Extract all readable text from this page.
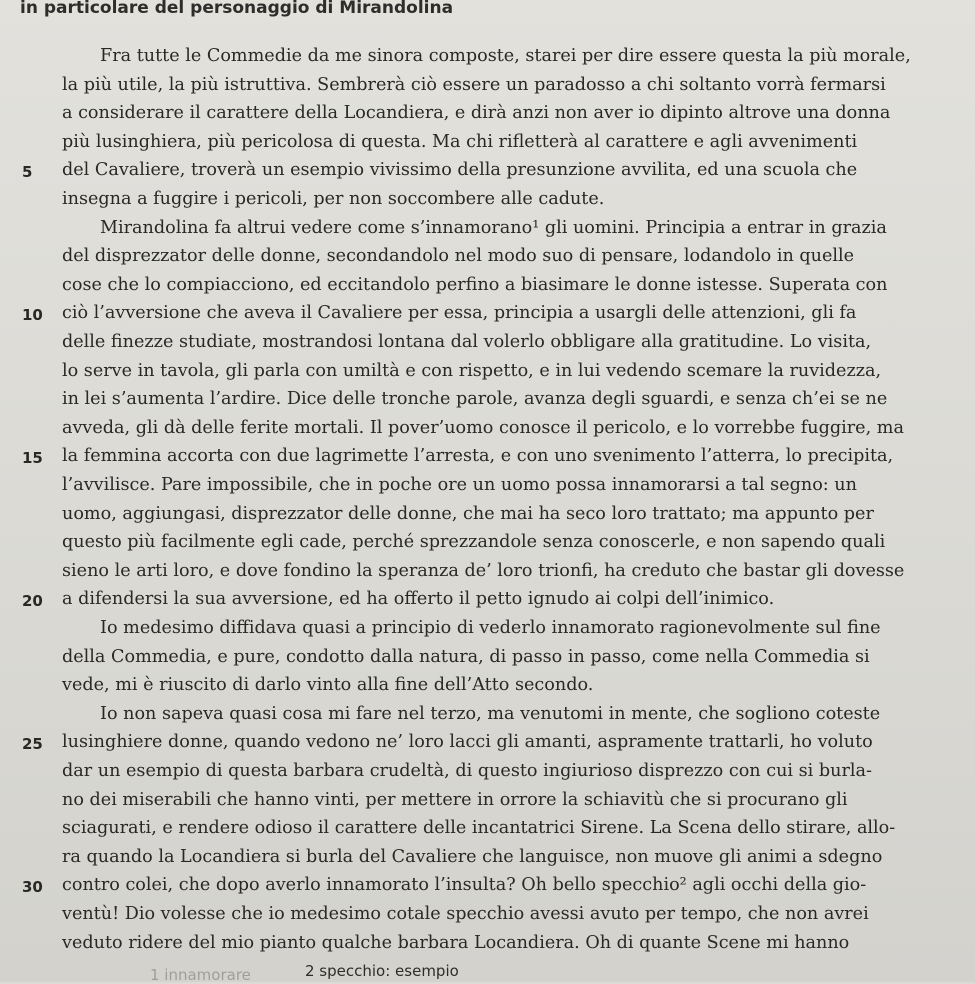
in particolare del personaggio di Mirandolina
Fra tutte le Commedie da me sinora composte, starei per dire essere questa la più morale,
la più utile, la più istruttiva. Sembrerà ciò essere un paradosso a chi soltanto vorrà fermarsi
a considerare il carattere della Locandiera, e dirà anzi non aver io dipinto altrove una donna
più lusinghiera, più pericolosa di questa. Ma chi rifletterà al carattere e agli avvenimenti
5 del Cavaliere, troverà un esempio vivissimo della presunzione avvilita, ed una scuola che
insegna a fuggire i pericoli, per non soccombere alle cadute.
Mirandolina fa altrui vedere come s’innamorano¹ gli uomini. Principia a entrar in grazia
del disprezzator delle donne, secondandolo nel modo suo di pensare, lodandolo in quelle
cose che lo compiacciono, ed eccitandolo perfino a biasimare le donne istesse. Superata con
10 ciò l’avversione che aveva il Cavaliere per essa, principia a usargli delle attenzioni, gli fa
delle finezze studiate, mostrandosi lontana dal volerlo obbligare alla gratitudine. Lo visita,
lo serve in tavola, gli parla con umiltà e con rispetto, e in lui vedendo scemare la ruvidezza,
in lei s’aumenta l’ardire. Dice delle tronche parole, avanza degli sguardi, e senza ch’ei se ne
avveda, gli dà delle ferite mortali. Il pover’uomo conosce il pericolo, e lo vorrebbe fuggire, ma
15 la femmina accorta con due lagrimette l’arresta, e con uno svenimento l’atterra, lo precipita,
l’avvilisce. Pare impossibile, che in poche ore un uomo possa innamorarsi a tal segno: un
uomo, aggiungasi, disprezzator delle donne, che mai ha seco loro trattato; ma appunto per
questo più facilmente egli cade, perché sprezzandole senza conoscerle, e non sapendo quali
sieno le arti loro, e dove fondino la speranza de’ loro trionfi, ha creduto che bastar gli dovesse
20 a difendersi la sua avversione, ed ha offerto il petto ignudo ai colpi dell’inimico.
Io medesimo diffidava quasi a principio di vederlo innamorato ragionevolmente sul fine
della Commedia, e pure, condotto dalla natura, di passo in passo, come nella Commedia si
vede, mi è riuscito di darlo vinto alla fine dell’Atto secondo.
Io non sapeva quasi cosa mi fare nel terzo, ma venutomi in mente, che sogliono coteste
25 lusinghiere donne, quando vedono ne’ loro lacci gli amanti, aspramente trattarli, ho voluto
dar un esempio di questa barbara crudeltà, di questo ingiurioso disprezzo con cui si burla-
no dei miserabili che hanno vinti, per mettere in orrore la schiavitù che si procurano gli
sciagurati, e rendere odioso il carattere delle incantatrici Sirene. La Scena dello stirare, allo-
ra quando la Locandiera si burla del Cavaliere che languisce, non muove gli animi a sdegno
30 contro colei, che dopo averlo innamorato l’insulta? Oh bello specchio² agli occhi della gio-
ventù! Dio volesse che io medesimo cotale specchio avessi avuto per tempo, che non avrei
veduto ridere del mio pianto qualche barbara Locandiera. Oh di quante Scene mi hanno
1 innamorare	2 specchio: esempio
